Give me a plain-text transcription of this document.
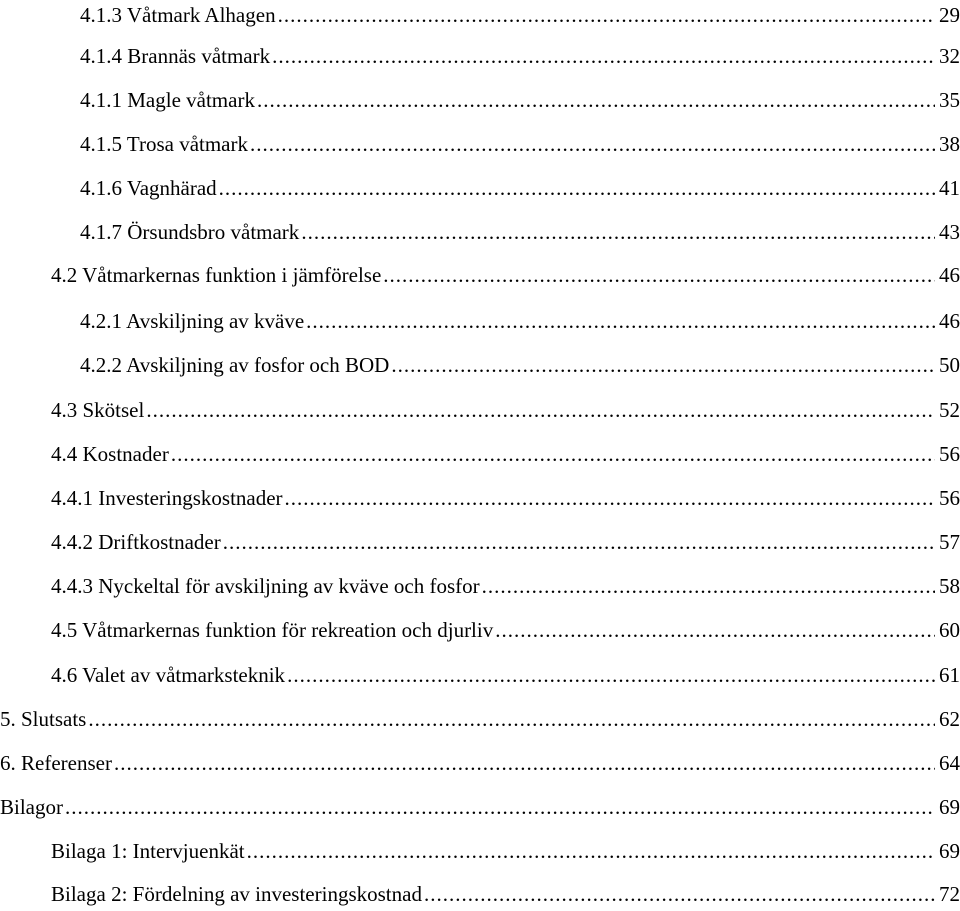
4.1.3 Våtmark Alhagen .....	29
4.1.4 Brannäs våtmark .....	32
4.1.1 Magle våtmark .....	35
4.1.5 Trosa våtmark .....	38
4.1.6 Vagnhärad .....	41
4.1.7 Örsundsbro våtmark .....	43
4.2 Våtmarkernas funktion i jämförelse .....	46
4.2.1 Avskiljning av kväve .....	46
4.2.2 Avskiljning av fosfor och BOD .....	50
4.3 Skötsel .....	52
4.4 Kostnader .....	56
4.4.1 Investeringskostnader .....	56
4.4.2 Driftkostnader .....	57
4.4.3 Nyckeltal för avskiljning av kväve och fosfor .....	58
4.5 Våtmarkernas funktion för rekreation och djurliv .....	60
4.6 Valet av våtmarksteknik .....	61
5. Slutsats .....	62
6. Referenser .....	64
Bilagor .....	69
Bilaga 1: Intervjuenkät .....	69
Bilaga 2: Fördelning av investeringskostnad .....	72
